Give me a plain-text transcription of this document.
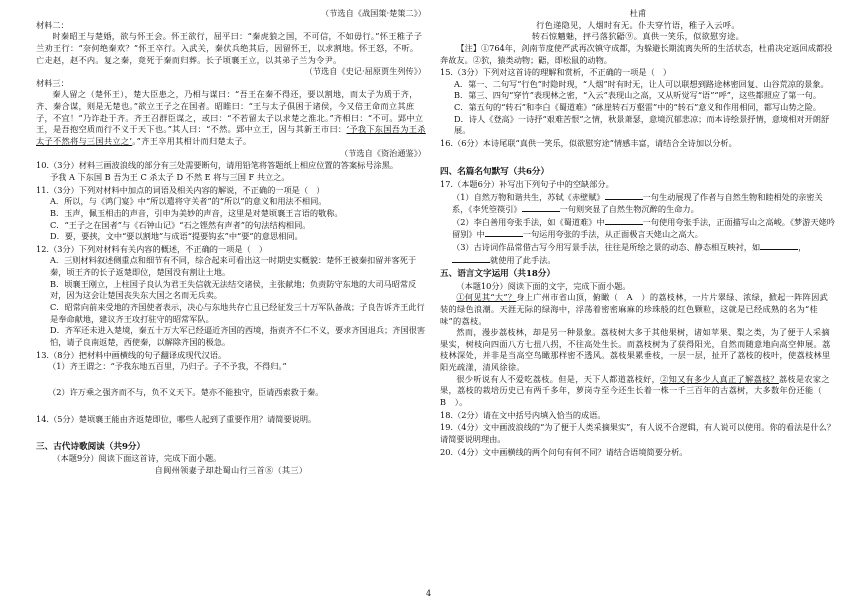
（节选自《战国策·楚策二》）

材料二：

时秦昭王与楚婚，欲与怀王会。怀王欲行，屈平曰：“秦虎狼之国，不可信，不如毋行。”怀王稚子子兰劝王行：“奈何绝秦欢？”怀王卒行。入武关，秦伏兵绝其后，因留怀王，以求割地。怀王怒，不听。亡走赵，赵不内。复之秦，竟死于秦而归葬。长子顷襄王立，以其弟子兰为令尹。

（节选自《史记·屈原贾生列传》）

材料三：

秦人留之（楚怀王），楚大臣患之，乃相与谋曰：“吾王在秦不得还，要以割地，而太子为质于齐，齐、秦合谋，则是无楚也。”欲立王子之在国者。昭睢曰：“王与太子俱困于诸侯，今又倍王命而立其庶子，不宜！”乃诈赴于齐。齐王召群臣谋之，或曰：“不若留太子以求楚之淮北。”齐相曰：“不可。郢中立王，是吾抱空质而行不义于天下也。”其人曰：“不然。郢中立王，因与其新王市曰：‘予我下东国吾为王杀太子不然将与三国共立之’。”齐王卒用其相计而归楚太子。

（节选自《资治通鉴》）

10.（3分）材料三画波浪线的部分有三处需要断句，请用铅笔将答题纸上相应位置的答案标号涂黑。

予我 A 下东国 B 吾为王 C 杀太子 D 不然 E 将与三国 F 共立之。

11.（3分）下列对材料中加点的词语及相关内容的解说，不正确的一项是（　）

A．所以，与《鸿门宴》中“所以遣将守关者”的“所以”的意义和用法不相同。

B．玉声，佩玉相击的声音，引申为美妙的声音，这里是对楚顷襄王言语的敬称。

C．“王子之在国者”与《石钟山记》“石之铿然有声者”的句法结构相同。

D．要，要挟，文中“要以割地”与成语“提要钩玄”中“要”的意思相同。

12.（3分）下列对材料有关内容的概述，不正确的一项是（　）

A．三则材料叙述侧重点和细节有不同，综合起来可看出这一时期史实概貌：楚怀王被秦扣留并客死于秦，顷王齐的长子返楚即位，楚国没有割让土地。

B．顷襄王刚立，上柱国子良认为君王失信就无法结交诸侯，主张献地；负责防守东地的大司马昭常反对，因为这会让楚国丧失东大国之名而无兵卖。

C．昭常向前来受地的齐国使者表示，决心与东地共存亡且已经征发三十万军队备战；子良告诉齐王此行是奉命献地，建议齐王攻打驻守的昭常军队。

D．齐军还未进入楚境，秦五十万大军已经逼近齐国的西境，指责齐不仁不义，要求齐国退兵；齐国很害怕，请子良南返楚，西使秦，以解除齐国的极急。

13.（8分）把材料中画横线的句子翻译成现代汉语。

（1）齐王谓之：“予我东地五百里，乃归子。子不予我，不得归。”

（2）许万乘之强齐而不与，负不义天下。楚亦不能独守，臣请西索救于秦。

14.（5分）楚顷襄王能由齐返楚即位，哪些人起到了重要作用？请简要说明。

三、古代诗歌阅读（共9分）

（本题9分）阅读下面这首诗，完成下面小题。

自阆州领妻子却赴蜀山行三首⑧（其三）

杜甫

行色递隐见，人烟时有无。仆夫穿竹语，稚子入云呼。

转石惊魑魅，抨弓落狖鼯⑨。真供一笑乐，似欲慰穷途。

【注】①764年，剑南节度使严武再次镇守成都，为躲避长期流离失所的生活状态，杜甫决定返回成都投奔故友。②狖，猿类动物；鼯，即松鼠的动物。

15.（3分）下列对这首诗的理解和赏析，不正确的一项是（　）

A．第一、二句写“行色”时隐时现，“人烟”时有时无，让人可以联想到路途林密回复、山谷荒凉的景象。

B．第三、四句“穿竹”表现林之密，“入云”表现山之高，又从听觉写“语”“呼”，这些都照应了第一句。

C．第五句的“转石”和李白《蜀道难》“砯崖转石万壑雷”中的“转石”意义和作用相同，都写山势之险。

D．诗人《登高》一诗抒“艰难苦恨”之情，秋景萧瑟，意境沉郁悲凉；而本诗绘景抒情，意境相对开朗舒展。

16.（6分）本诗尾联“真供一笑乐，似欲慰穷途”情感丰富，请结合全诗加以分析。

四、名篇名句默写（共6分）

17.（本题6分）补写出下列句子中的空缺部分。

（1）自然万物和谐共生，苏轼《赤壁赋》	一句生动展现了作者与自然生物和睦相处的亲密关系，《李凭箜篌引》	一句则突显了自然生物沉醉的生命力。

（2）李白善用夸张手法，如《蜀道难》中	一句使用夸张手法，正面描写山之高峻。《梦游天姥吟留别》中	一句运用夸张的手法，从正面极言天姥山之高大。

（3）古诗词作品常借古写今用写景手法，往往是所绘之景的动态、静态相互映衬，如	，就使用了此手法。

五、语言文字运用（共18分）

（本题10分）阅读下面的文字，完成下面小题。

①何见其“大”？身上广州市省山顶，俯瞰（　A　）的荔枝林，一片片翠绿、浓绿，掀起一阵阵因武装的绿色浪潮。天涯无际的绿海中，浮荡着密密麻麻的珍珠般的红色颗粒，这就是已经成熟的名为“桂味”的荔枝。

然而，漫步荔枝林，却是另一种景象。荔枝树大多于其他果树，诸如苹果、梨之类，为了便于人采摘果实，树枝向四面八方七扭八拐，不往高处生长。而荔枝树为了获得阳光，自然而随意地向高空伸展。荔枝林深处，并非是当高空鸟瞰那样密不透风。荔枝果累垂枝，一层一层，扯开了荔枝的枝叶，使荔枝林里阳光疏漾，清风徐徐。

很少听说有人不爱吃荔枝。但是，天下人都道荔枝好，②知又有多少人真正了解荔枝？荔枝是农家之果，荔枝的栽培历史已有两千多年，萝岗寺至今还生长着一株一千三百年的古荔树，大多数年份还能（　B　）。

18.（2分）请在文中括号内填入恰当的成语。

19.（4分）文中画波浪线的“为了便于人类采摘果实”，有人说不合逻辑，有人说可以使用。你的看法是什么？请简要说明理由。

20.（4分）文中画横线的两个问句有何不同？请结合语境简要分析。

4
